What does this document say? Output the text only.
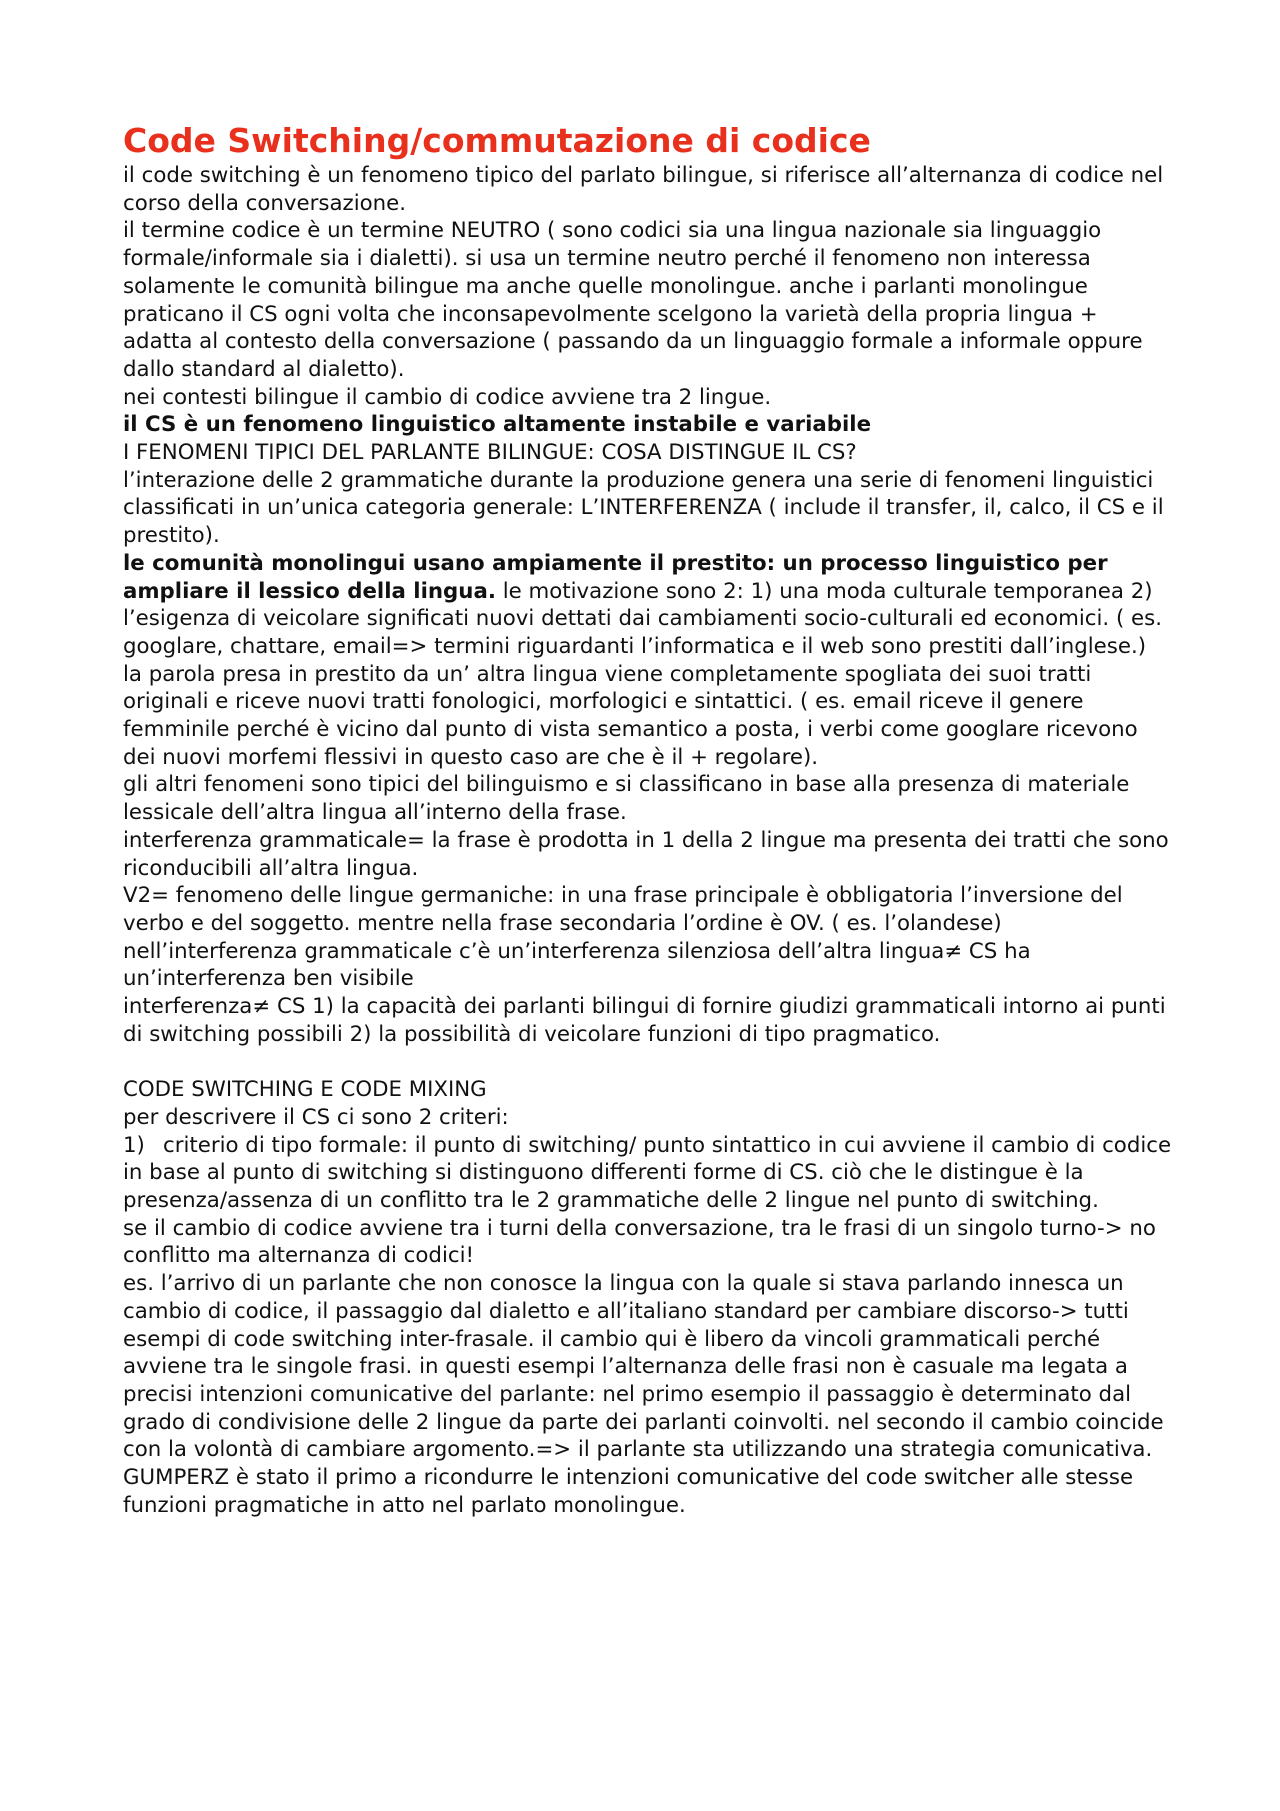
Code Switching/commutazione di codice

il code switching è un fenomeno tipico del parlato bilingue, si riferisce all’alternanza di codice nel corso della conversazione.

il termine codice è un termine NEUTRO ( sono codici sia una lingua nazionale sia linguaggio formale/informale sia i dialetti). si usa un termine neutro perché il fenomeno non interessa solamente le comunità bilingue ma anche quelle monolingue. anche i parlanti monolingue praticano il CS ogni volta che inconsapevolmente scelgono la varietà della propria lingua + adatta al contesto della conversazione ( passando da un linguaggio formale a informale oppure dallo standard al dialetto).

nei contesti bilingue il cambio di codice avviene tra 2 lingue.

il CS è un fenomeno linguistico altamente instabile e variabile

I FENOMENI TIPICI DEL PARLANTE BILINGUE: COSA DISTINGUE IL CS?

l’interazione delle 2 grammatiche durante la produzione genera una serie di fenomeni linguistici classificati in un’unica categoria generale: L’INTERFERENZA ( include il transfer, il, calco, il CS e il prestito).

le comunità monolingui usano ampiamente il prestito: un processo linguistico per ampliare il lessico della lingua. le motivazione sono 2: 1) una moda culturale temporanea 2) l’esigenza di veicolare significati nuovi dettati dai cambiamenti socio-culturali ed economici. ( es. googlare, chattare, email=> termini riguardanti l’informatica e il web sono prestiti dall’inglese.)

la parola presa in prestito da un’ altra lingua viene completamente spogliata dei suoi tratti originali e riceve nuovi tratti fonologici, morfologici e sintattici. ( es. email riceve il genere femminile perché è vicino dal punto di vista semantico a posta, i verbi come googlare ricevono dei nuovi morfemi flessivi in questo caso are che è il + regolare).

gli altri fenomeni sono tipici del bilinguismo e si classificano in base alla presenza di materiale lessicale dell’altra lingua all’interno della frase.

interferenza grammaticale= la frase è prodotta in 1 della 2 lingue ma presenta dei tratti che sono riconducibili all’altra lingua.

V2= fenomeno delle lingue germaniche: in una frase principale è obbligatoria l’inversione del verbo e del soggetto. mentre nella frase secondaria l’ordine è OV. ( es. l’olandese)

nell’interferenza grammaticale c’è un’interferenza silenziosa dell’altra lingua≠ CS ha un’interferenza ben visibile

interferenza≠ CS 1) la capacità dei parlanti bilingui di fornire giudizi grammaticali intorno ai punti di switching possibili 2) la possibilità di veicolare funzioni di tipo pragmatico.

CODE SWITCHING E CODE MIXING

per descrivere il CS ci sono 2 criteri:

1) criterio di tipo formale: il punto di switching/ punto sintattico in cui avviene il cambio di codice

in base al punto di switching si distinguono differenti forme di CS. ciò che le distingue è la presenza/assenza di un conflitto tra le 2 grammatiche delle 2 lingue nel punto di switching.

se il cambio di codice avviene tra i turni della conversazione, tra le frasi di un singolo turno-> no conflitto ma alternanza di codici!

es. l’arrivo di un parlante che non conosce la lingua con la quale si stava parlando innesca un cambio di codice, il passaggio dal dialetto e all’italiano standard per cambiare discorso-> tutti esempi di code switching inter-frasale. il cambio qui è libero da vincoli grammaticali perché avviene tra le singole frasi. in questi esempi l’alternanza delle frasi non è casuale ma legata a precisi intenzioni comunicative del parlante: nel primo esempio il passaggio è determinato dal grado di condivisione delle 2 lingue da parte dei parlanti coinvolti. nel secondo il cambio coincide con la volontà di cambiare argomento.=> il parlante sta utilizzando una strategia comunicativa.

GUMPERZ è stato il primo a ricondurre le intenzioni comunicative del code switcher alle stesse funzioni pragmatiche in atto nel parlato monolingue.
